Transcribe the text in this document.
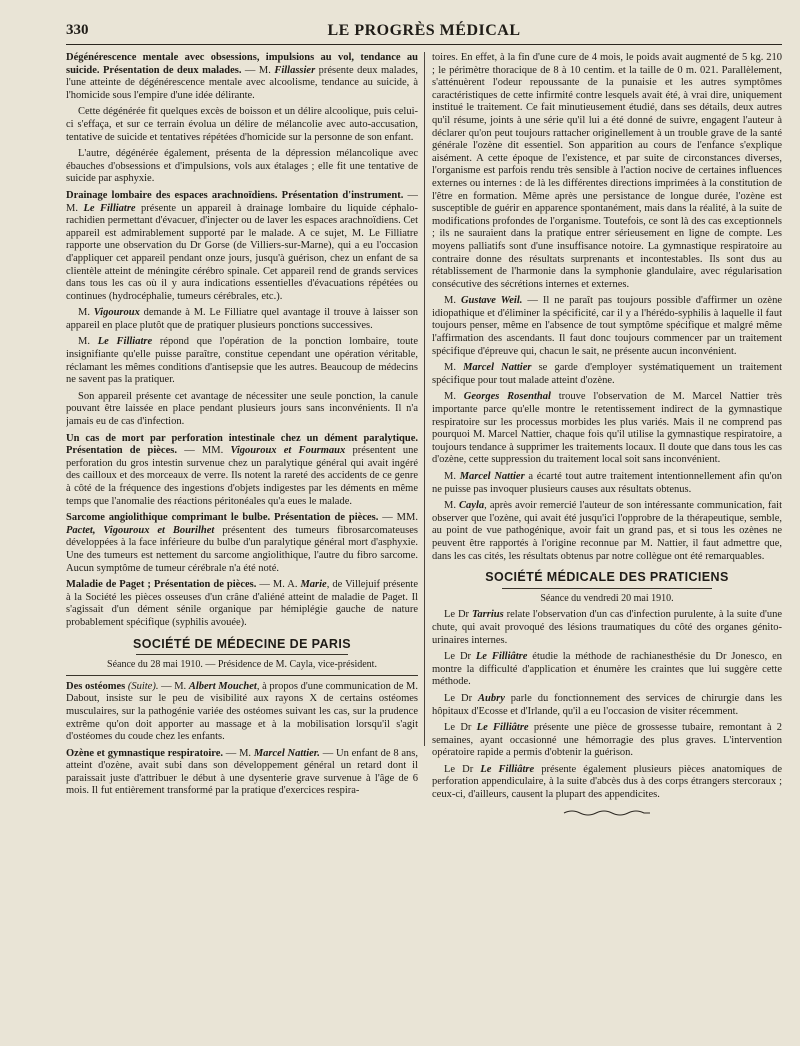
330	LE PROGRÈS MÉDICAL

Dégénérescence mentale avec obsessions, impulsions au vol, tendance au suicide. Présentation de deux malades. — M. Fillassier présente deux malades, l'une atteinte de dégénérescence mentale avec alcoolisme, tendance au suicide, à l'homicide sous l'empire d'une idée délirante.

Cette dégénérée fit quelques excès de boisson et un délire alcoolique, puis celui-ci s'effaça, et sur ce terrain évolua un délire de mélancolie avec auto-accusation, tentative de suicide et tentatives répétées d'homicide sur la personne de son enfant.

L'autre, dégénérée également, présenta de la dépression mélancolique avec ébauches d'obsessions et d'impulsions, vols aux étalages ; elle fit une tentative de suicide par asphyxie.

Drainage lombaire des espaces arachnoïdiens. Présentation d'instrument. — M. Le Filliatre présente un appareil à drainage lombaire du liquide céphalo-rachidien permettant d'évacuer, d'injecter ou de laver les espaces arachnoïdiens. Cet appareil est admirablement supporté par le malade. A ce sujet, M. Le Filliatre rapporte une observation du Dr Gorse (de Villiers-sur-Marne), qui a eu l'occasion d'appliquer cet appareil pendant onze jours, jusqu'à guérison, chez un enfant de sa clientèle atteint de méningite cérébro spinale. Cet appareil rend de grands services dans tous les cas où il y aura indications essentielles d'évacuations répétées ou continues (hydrocéphalie, tumeurs cérébrales, etc.).

M. Vigouroux demande à M. Le Filliatre quel avantage il trouve à laisser son appareil en place plutôt que de pratiquer plusieurs ponctions successives.

M. Le Filliatre répond que l'opération de la ponction lombaire, toute insignifiante qu'elle puisse paraître, constitue cependant une opération véritable, réclamant les mêmes conditions d'antisepsie que les autres. Beaucoup de médecins ne savent pas la pratiquer.

Son appareil présente cet avantage de nécessiter une seule ponction, la canule pouvant être laissée en place pendant plusieurs jours sans inconvénients. Il n'a jamais eu de cas d'infection.

Un cas de mort par perforation intestinale chez un dément paralytique. Présentation de pièces. — MM. Vigouroux et Fourmaux présentent une perforation du gros intestin survenue chez un paralytique général qui avait ingéré des cailloux et des morceaux de verre. Ils notent la rareté des accidents de ce genre à côté de la fréquence des ingestions d'objets indigestes par les déments en même temps que l'anomalie des réactions péritonéales qu'a eues le malade.

Sarcome angiolithique comprimant le bulbe. Présentation de pièces. — MM. Pactet, Vigouroux et Bourilhet présentent des tumeurs fibrosarcomateuses développées à la face inférieure du bulbe d'un paralytique général mort d'asphyxie. Une des tumeurs est nettement du sarcome angiolithique, l'autre du fibro sarcome. Aucun symptôme de tumeur cérébrale n'a été noté.

Maladie de Paget ; Présentation de pièces. — M. A. Marie, de Villejuif présente à la Société les pièces osseuses d'un crâne d'aliéné atteint de maladie de Paget. Il s'agissait d'un dément sénile organique par hémiplégie gauche de nature probablement spécifique (syphilis avouée).

SOCIÉTÉ DE MÉDECINE DE PARIS
Séance du 28 mai 1910. — Présidence de M. Cayla, vice-président.

Des ostéomes (Suite). — M. Albert Mouchet, à propos d'une communication de M. Dabout, insiste sur le peu de visibilité aux rayons X de certains ostéomes musculaires, sur la pathogénie variée des ostéomes suivant les cas, sur la prudence extrême qu'on doit apporter au massage et à la mobilisation lorsqu'il s'agit d'ostéomes du coude chez les enfants.

Ozène et gymnastique respiratoire. — M. Marcel Nattier. — Un enfant de 8 ans, atteint d'ozène, avait subi dans son développement général un retard dont il paraissait juste d'attribuer le début à une dysenterie grave survenue à l'âge de 6 mois. Il fut entièrement transformé par la pratique d'exercices respira-

toires. En effet, à la fin d'une cure de 4 mois, le poids avait augmenté de 5 kg. 210 ; le périmètre thoracique de 8 à 10 centim. et la taille de 0 m. 021. Parallèlement, s'atténuèrent l'odeur repoussante de la punaisie et les autres symptômes caractéristiques de cette infirmité contre lesquels avait été, à vrai dire, uniquement institué le traitement. Ce fait minutieusement étudié, dans ses détails, deux autres qu'il résume, joints à une série qu'il lui a été donné de suivre, engagent l'auteur à déclarer qu'on peut toujours rattacher originellement à un trouble grave de la santé générale l'ozène dit essentiel. Son apparition au cours de l'enfance s'explique aisément. A cette époque de l'existence, et par suite de circonstances diverses, l'organisme est parfois rendu très sensible à l'action nocive de certaines influences externes ou internes : de là les différentes directions imprimées à la constitution de l'être en formation. Même après une persistance de longue durée, l'ozène est susceptible de guérir en apparence spontanément, mais dans la réalité, à la suite de modifications profondes de l'organisme. Toutefois, ce sont là des cas exceptionnels ; ils ne sauraient dans la pratique entrer sérieusement en ligne de compte. Les moyens palliatifs sont d'une insuffisance notoire. La gymnastique respiratoire au contraire donne des résultats surprenants et incontestables. Ils sont dus au rétablissement de l'harmonie dans la symphonie glandulaire, avec régularisation consécutive des sécrétions internes et externes.

M. Gustave Weil. — Il ne paraît pas toujours possible d'affirmer un ozène idiopathique et d'éliminer la spécificité, car il y a l'hérédo-syphilis à laquelle il faut toujours penser, même en l'absence de tout symptôme spécifique et malgré même l'affirmation des ascendants. Il faut donc toujours commencer par un traitement spécifique d'épreuve qui, chacun le sait, ne présente aucun inconvénient.

M. Marcel Nattier se garde d'employer systématiquement un traitement spécifique pour tout malade atteint d'ozène.

M. Georges Rosenthal trouve l'observation de M. Marcel Nattier très importante parce qu'elle montre le retentissement indirect de la gymnastique respiratoire sur les processus morbides les plus variés. Mais il ne comprend pas pourquoi M. Marcel Nattier, chaque fois qu'il utilise la gymnastique respiratoire, a toujours tendance à supprimer les traitements locaux. Il doute que dans tous les cas d'ozène, cette suppression du traitement local soit sans inconvénient.

M. Marcel Nattier a écarté tout autre traitement intentionnellement afin qu'on ne puisse pas invoquer plusieurs causes aux résultats obtenus.

M. Cayla, après avoir remercié l'auteur de son intéressante communication, fait observer que l'ozène, qui avait été jusqu'ici l'opprobre de la thérapeutique, semble, au point de vue pathogénique, avoir fait un grand pas, et si tous les ozènes ne peuvent être rapportés à l'origine reconnue par M. Nattier, il faut admettre que, dans les cas cités, les résultats obtenus par notre collègue ont été remarquables.

SOCIÉTÉ MÉDICALE DES PRATICIENS
Séance du vendredi 20 mai 1910.

Le Dr Tarrius relate l'observation d'un cas d'infection purulente, à la suite d'une chute, qui avait provoqué des lésions traumatiques du côté des organes génito-urinaires internes.

Le Dr Le Filliâtre étudie la méthode de rachianesthésie du Dr Jonesco, en montre la difficulté d'application et énumère les craintes que lui suggère cette méthode.

Le Dr Aubry parle du fonctionnement des services de chirurgie dans les hôpitaux d'Ecosse et d'Irlande, qu'il a eu l'occasion de visiter récemment.

Le Dr Le Filliâtre présente une pièce de grossesse tubaire, remontant à 2 semaines, ayant occasionné une hémorragie des plus graves. L'intervention opératoire rapide a permis d'obtenir la guérison.

Le Dr Le Filliâtre présente également plusieurs pièces anatomiques de perforation appendiculaire, à la suite d'abcès dus à des corps étrangers stercoraux ; ceux-ci, d'ailleurs, causent la plupart des appendicites.
